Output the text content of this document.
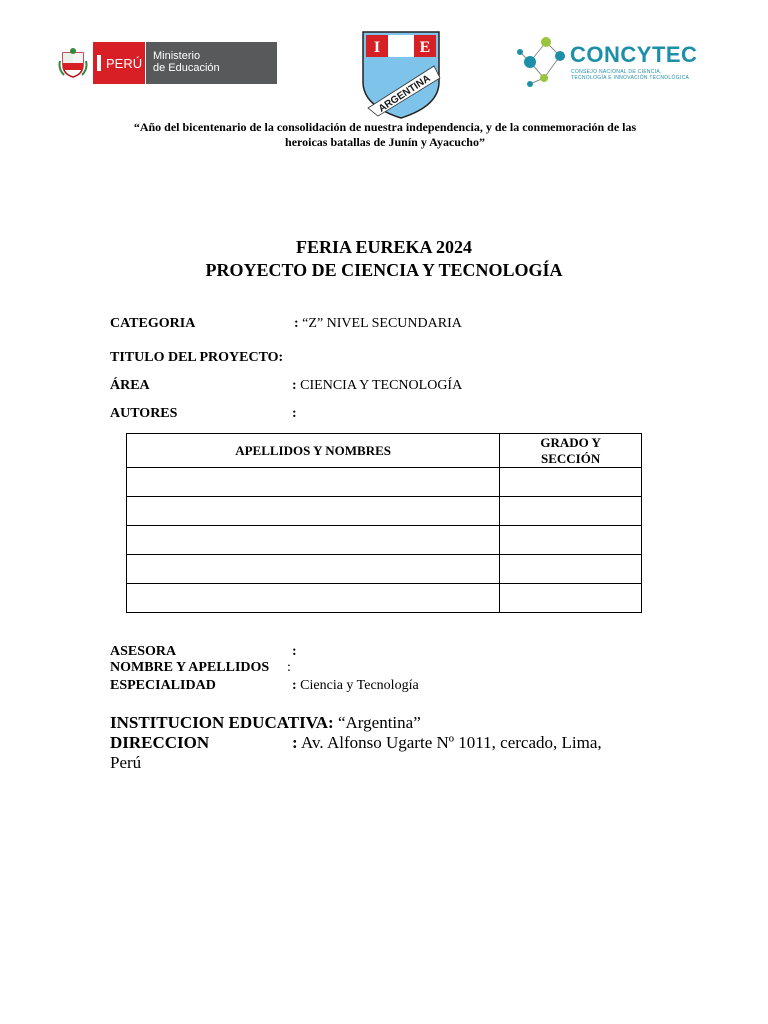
PERÚ Ministerio
de Educación
I E
ARGENTINA
CONCYTEC
CONSEJO NACIONAL DE CIENCIA,
TECNOLOGÍA E INNOVACIÓN TECNOLÓGICA
“Año del bicentenario de la consolidación de nuestra independencia, y de la conmemoración de las
heroicas batallas de Junín y Ayacucho”
FERIA EUREKA 2024
PROYECTO DE CIENCIA Y TECNOLOGÍA
CATEGORIA	: “Z” NIVEL SECUNDARIA
TITULO DEL PROYECTO:
ÁREA	: CIENCIA Y TECNOLOGÍA
AUTORES	:
APELLIDOS Y NOMBRES	GRADO Y
SECCIÓN

ASESORA	:
NOMBRE Y APELLIDOS :
ESPECIALIDAD	: Ciencia y Tecnología
INSTITUCION EDUCATIVA: “Argentina”
DIRECCION	: Av. Alfonso Ugarte Nº 1011, cercado, Lima,
Perú
